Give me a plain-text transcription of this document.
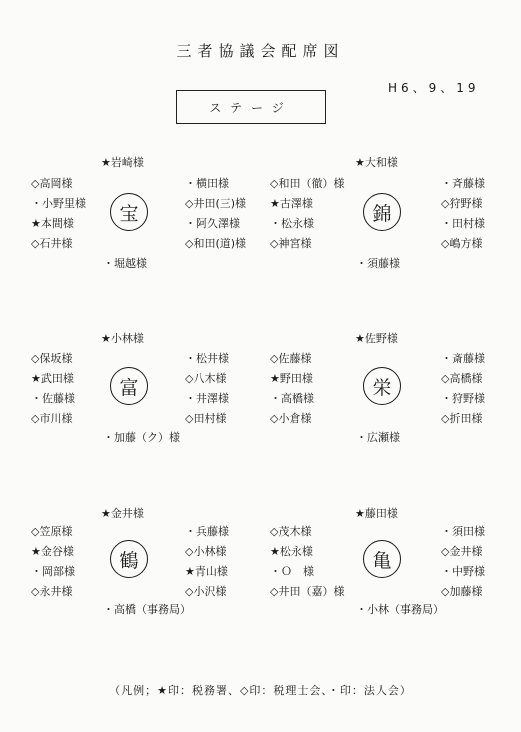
三者協議会配席図
H6、9、19
ステージ
★岩崎様
◇高岡様
・小野里様
★本間様
◇石井様
宝
・横田様
◇井田(三)様
・阿久澤様
◇和田(道)様
・堀越様
★大和様
◇和田（徹）様
★古澤様
・松永様
◇神宮様
錦
・斉藤様
◇狩野様
・田村様
◇嶋方様
・須藤様
★小林様
◇保坂様
★武田様
・佐藤様
◇市川様
富
・松井様
◇八木様
・井澤様
◇田村様
・加藤（ク）様
★佐野様
◇佐藤様
★野田様
・高橋様
◇小倉様
栄
・斎藤様
◇高橋様
・狩野様
◇折田様
・広瀬様
★金井様
◇笠原様
★金谷様
・岡部様
◇永井様
鶴
・兵藤様
◇小林様
★青山様
◇小沢様
・高橋（事務局）
★藤田様
◇茂木様
★松永様
・Ｏ　様
◇井田（嘉）様
亀
・須田様
◇金井様
・中野様
◇加藤様
・小林（事務局）
（凡例；★印：税務署、◇印：税理士会、・印：法人会）
